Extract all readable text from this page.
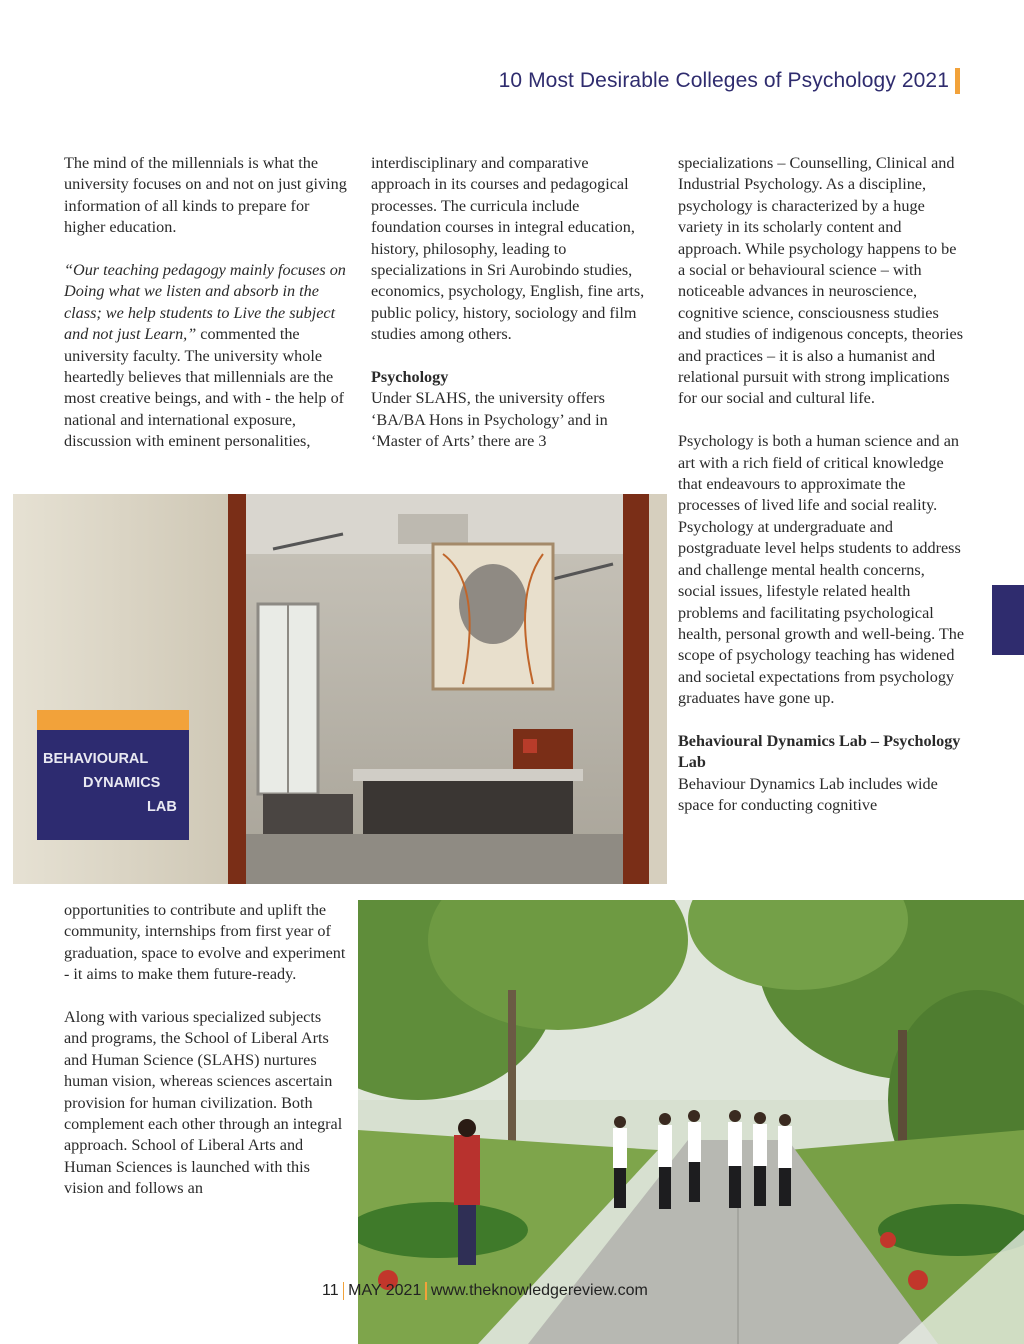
10 Most Desirable Colleges of Psychology 2021

The mind of the millennials is what the university focuses on and not on just giving information of all kinds to prepare for higher education.

“Our teaching pedagogy mainly focuses on Doing what we listen and absorb in the class; we help students to Live the subject and not just Learn,” commented the university faculty. The university whole heartedly believes that millennials are the most creative beings, and with - the help of national and international exposure, discussion with eminent personalities,

interdisciplinary and comparative approach in its courses and pedagogical processes. The curricula include foundation courses in integral education, history, philosophy, leading to specializations in Sri Aurobindo studies, economics, psychology, English, fine arts, public policy, history, sociology and film studies among others.

Psychology
Under SLAHS, the university offers ‘BA/BA Hons in Psychology’ and in ‘Master of Arts’ there are 3

specializations – Counselling, Clinical and Industrial Psychology. As a discipline, psychology is characterized by a huge variety in its scholarly content and approach. While psychology happens to be a social or behavioural science – with noticeable advances in neuroscience, cognitive science, consciousness studies and studies of indigenous concepts, theories and practices – it is also a humanist and relational pursuit with strong implications for our social and cultural life.

Psychology is both a human science and an art with a rich field of critical knowledge that endeavours to approximate the processes of lived life and social reality. Psychology at undergraduate and postgraduate level helps students to address and challenge mental health concerns, social issues, lifestyle related health problems and facilitating psychological health, personal growth and well-being. The scope of psychology teaching has widened and societal expectations from psychology graduates have gone up.

Behavioural Dynamics Lab – Psychology Lab
Behaviour Dynamics Lab includes wide space for conducting cognitive

BEHAVIOURAL
DYNAMICS
LAB

opportunities to contribute and uplift the community, internships from first year of graduation, space to evolve and experiment - it aims to make them future-ready.

Along with various specialized subjects and programs, the School of Liberal Arts and Human Science (SLAHS) nurtures human vision, whereas sciences ascertain provision for human civilization. Both complement each other through an integral approach. School of Liberal Arts and Human Sciences is launched with this vision and follows an

11 MAY 2021 www.theknowledgereview.com
